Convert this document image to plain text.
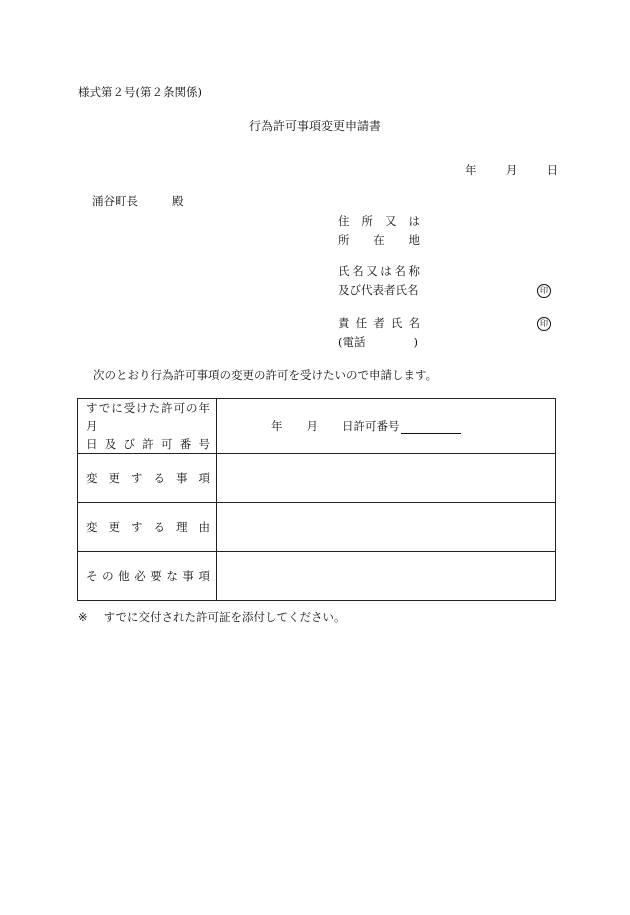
様式第２号(第２条関係)
行為許可事項変更申請書
年	月	日
涌谷町長	殿
住所又は
所在地
氏名又は名称
及び代表者氏名	印
責任者氏名	印
(電話	)
次のとおり行為許可事項の変更の許可を受けたいので申請します。
すでに受けた許可の年月
日及び許可番号	年 月 日許可番号

変更する事項	

変更する理由	

その他必要な事項	

※ すでに交付された許可証を添付してください。
